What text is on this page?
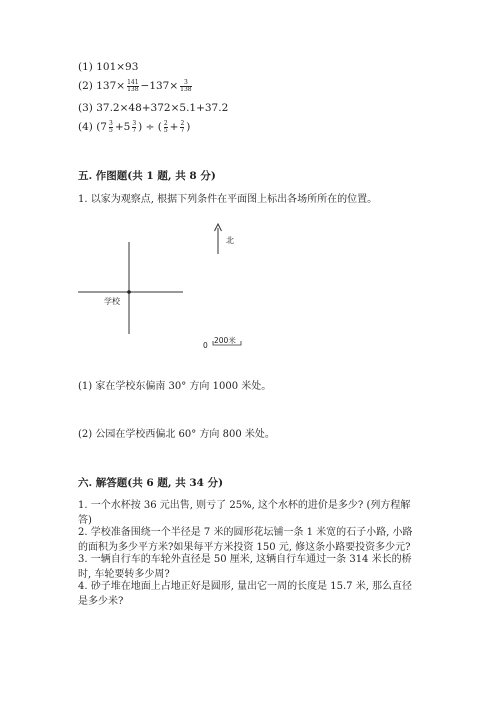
(1) 101×93
(2) $137\times \frac{141}{138} -137\times \frac{3}{138}$
(3) 37.2×48+372×5.1+37.2
(4) ($7 \frac{3}{5} +5 \frac{3}{7}$ ) ÷ ( $\frac{2}{5} + \frac{2}{7}$ )
五. 作图题(共 1 题, 共 8 分)
1. 以家为观察点, 根据下列条件在平面图上标出各场所所在的位置。
学校
北
0
200米
(1) 家在学校东偏南 30° 方向 1000 米处。
(2) 公园在学校西偏北 60° 方向 800 米处。
六. 解答题(共 6 题, 共 34 分)
1. 一个水杯按 36 元出售, 则亏了 25%, 这个水杯的进价是多少? (列方程解答)
2. 学校准备围绕一个半径是 7 米的圆形花坛铺一条 1 米宽的石子小路, 小路的面积为多少平方米?如果每平方米投资 150 元, 修这条小路要投资多少元?
3. 一辆自行车的车轮外直径是 50 厘米, 这辆自行车通过一条 314 米长的桥时, 车轮要转多少周?
4. 砂子堆在地面上占地正好是圆形, 量出它一周的长度是 15.7 米, 那么直径是多少米?
